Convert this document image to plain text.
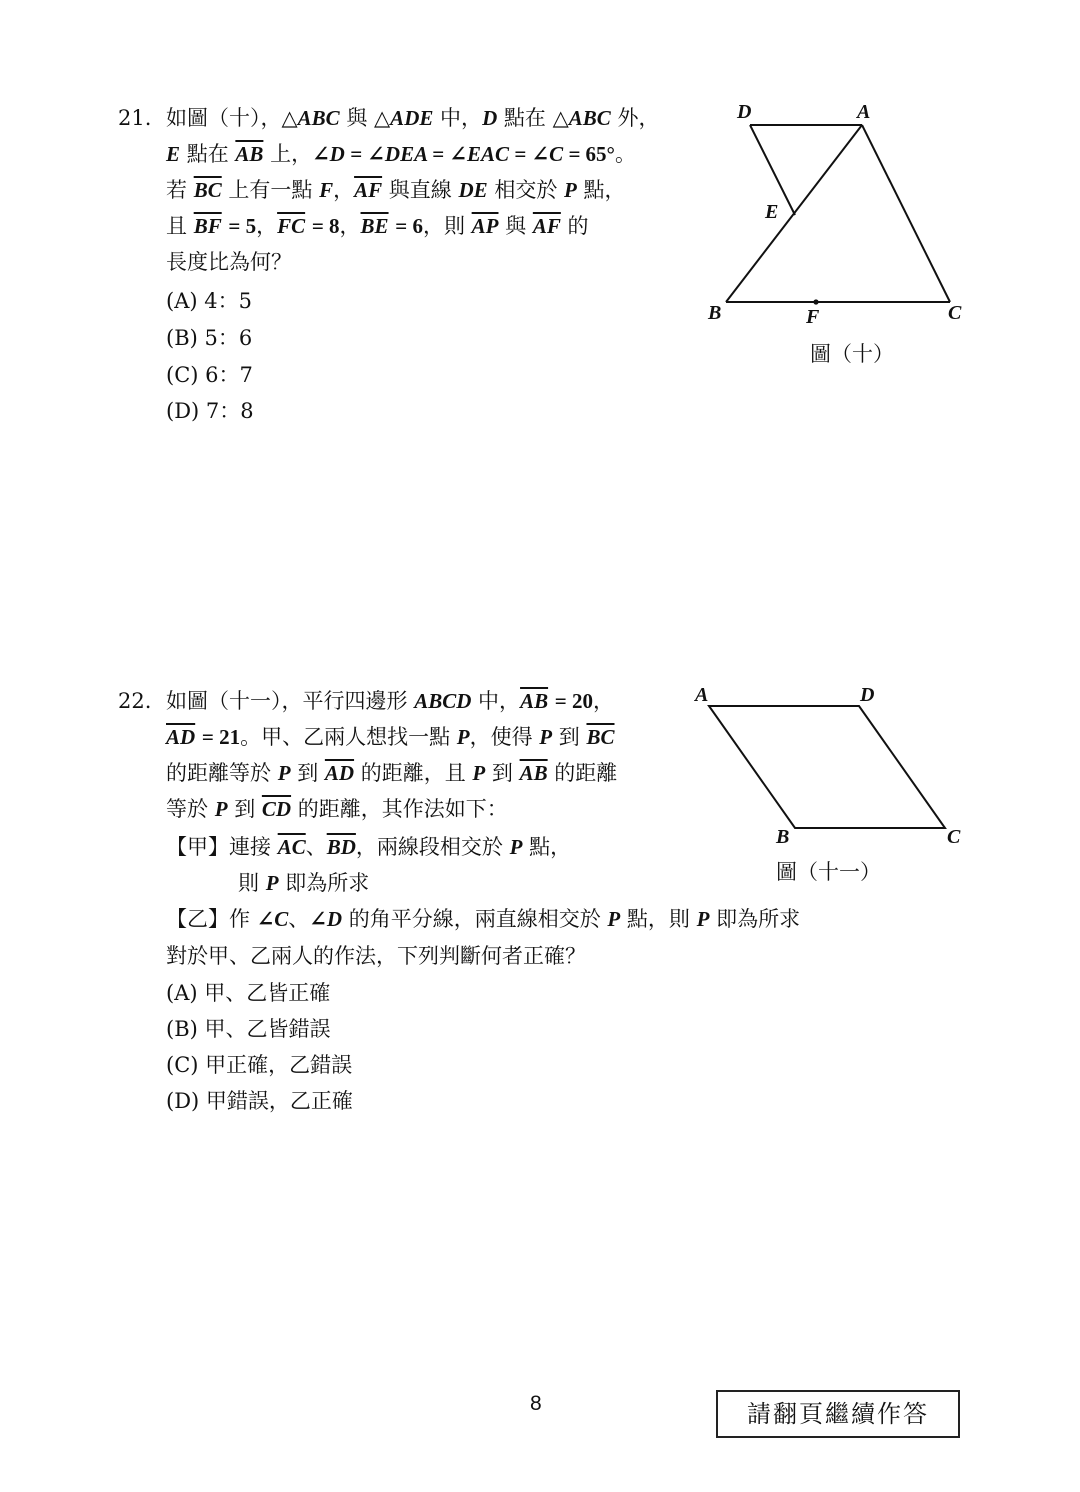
21. 如圖（十），△ABC 與 △ADE 中，D 點在 △ABC 外，
E 點在 $\overline{AB}$ 上，∠D = ∠DEA = ∠EAC = ∠C = 65°。
若 $\overline{BC}$ 上有一點 F，$\overline{AF}$ 與直線 DE 相交於 P 點，
且 $\overline{BF} = 5$，$\overline{FC} = 8$，$\overline{BE} = 6$，則 $\overline{AP}$ 與 $\overline{AF}$ 的
長度比為何？
(A) 4：5
(B) 5：6
(C) 6：7
(D) 7：8
D	A
E
B	F	C
圖（十）
22. 如圖（十一），平行四邊形 ABCD 中，$\overline{AB} = 20$，
$\overline{AD} = 21$。甲、乙兩人想找一點 P，使得 P 到 $\overline{BC}$
的距離等於 P 到 $\overline{AD}$ 的距離，且 P 到 $\overline{AB}$ 的距離
等於 P 到 $\overline{CD}$ 的距離，其作法如下：
【甲】連接 $\overline{AC}$、$\overline{BD}$，兩線段相交於 P 點，
則 P 即為所求
【乙】作 ∠C、∠D 的角平分線，兩直線相交於 P 點，則 P 即為所求
對於甲、乙兩人的作法，下列判斷何者正確？
(A) 甲、乙皆正確
(B) 甲、乙皆錯誤
(C) 甲正確，乙錯誤
(D) 甲錯誤，乙正確
A	D
B	C
圖（十一）
8	請翻頁繼續作答
